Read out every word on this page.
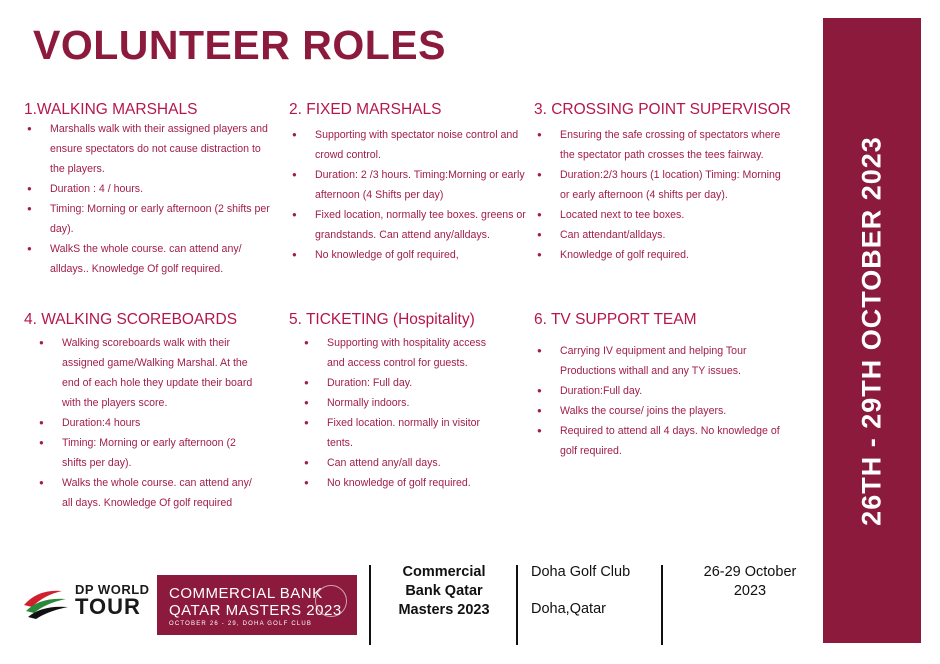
VOLUNTEER ROLES
26TH - 29TH OCTOBER 2023
1.WALKING MARSHALS
● Marshalls walk with their assigned players and ensure spectators do not cause distraction to the players.
● Duration : 4 / hours.
● Timing: Morning or early afternoon (2 shifts per day).
● WalkS the whole course. can attend any/ alldays.. Knowledge Of golf required.
2. FIXED MARSHALS
● Supporting with spectator noise control and crowd control.
● Duration: 2 /3 hours. Timing:Morning or early afternoon (4 Shifts per day)
● Fixed location, normally tee boxes. greens or grandstands. Can attend any/alldays.
● No knowledge of golf required,
3. CROSSING POINT SUPERVISOR
● Ensuring the safe crossing of spectators where the spectator path crosses the tees fairway.
● Duration:2/3 hours (1 location) Timing: Morning or early afternoon (4 shifts per day).
● Located next to tee boxes.
● Can attendant/alldays.
● Knowledge of golf required.
4. WALKING SCOREBOARDS
● Walking scoreboards walk with their assigned game/Walking Marshal. At the end of each hole they update their board with the players score.
● Duration:4 hours
● Timing: Morning or early afternoon (2 shifts per day).
● Walks the whole course. can attend any/ all days. Knowledge Of golf required
5. TICKETING (Hospitality)
● Supporting with hospitality access and access control for guests.
● Duration: Full day.
● Normally indoors.
● Fixed location. normally in visitor tents.
● Can attend any/all days.
● No knowledge of golf required.
6. TV SUPPORT TEAM
● Carrying IV equipment and helping Tour Productions withall and any TY issues.
● Duration:Full day.
● Walks the course/ joins the players.
● Required to attend all 4 days. No knowledge of golf required.
DP WORLD
TOUR
COMMERCIAL BANK
QATAR MASTERS 2023
OCTOBER 26 - 29, DOHA GOLF CLUB
Commercial Bank Qatar Masters 2023
Doha Golf Club
Doha,Qatar
26-29 October 2023
